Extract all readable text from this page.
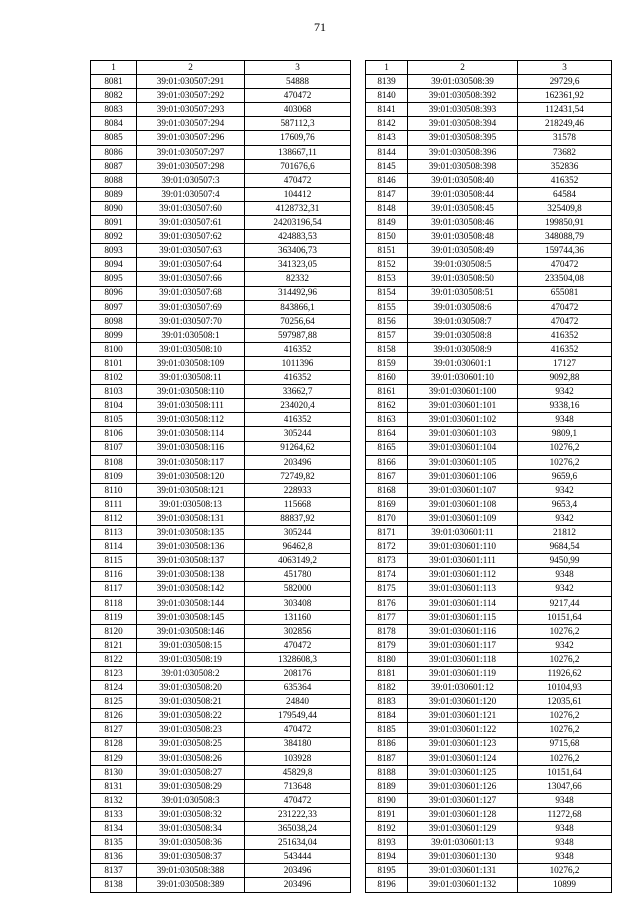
71
1	2	3
8081	39:01:030507:291	54888
8082	39:01:030507:292	470472
8083	39:01:030507:293	403068
8084	39:01:030507:294	587112,3
8085	39:01:030507:296	17609,76
8086	39:01:030507:297	138667,11
8087	39:01:030507:298	701676,6
8088	39:01:030507:3	470472
8089	39:01:030507:4	104412
8090	39:01:030507:60	4128732,31
8091	39:01:030507:61	24203196,54
8092	39:01:030507:62	424883,53
8093	39:01:030507:63	363406,73
8094	39:01:030507:64	341323,05
8095	39:01:030507:66	82332
8096	39:01:030507:68	314492,96
8097	39:01:030507:69	843866,1
8098	39:01:030507:70	70256,64
8099	39:01:030508:1	597987,88
8100	39:01:030508:10	416352
8101	39:01:030508:109	1011396
8102	39:01:030508:11	416352
8103	39:01:030508:110	33662,7
8104	39:01:030508:111	234020,4
8105	39:01:030508:112	416352
8106	39:01:030508:114	305244
8107	39:01:030508:116	91264,62
8108	39:01:030508:117	203496
8109	39:01:030508:120	72749,82
8110	39:01:030508:121	228933
8111	39:01:030508:13	115668
8112	39:01:030508:131	88837,92
8113	39:01:030508:135	305244
8114	39:01:030508:136	96462,8
8115	39:01:030508:137	4063149,2
8116	39:01:030508:138	451780
8117	39:01:030508:142	582000
8118	39:01:030508:144	303408
8119	39:01:030508:145	131160
8120	39:01:030508:146	302856
8121	39:01:030508:15	470472
8122	39:01:030508:19	1328608,3
8123	39:01:030508:2	208176
8124	39:01:030508:20	635364
8125	39:01:030508:21	24840
8126	39:01:030508:22	179549,44
8127	39:01:030508:23	470472
8128	39:01:030508:25	384180
8129	39:01:030508:26	103928
8130	39:01:030508:27	45829,8
8131	39:01:030508:29	713648
8132	39:01:030508:3	470472
8133	39:01:030508:32	231222,33
8134	39:01:030508:34	365038,24
8135	39:01:030508:36	251634,04
8136	39:01:030508:37	543444
8137	39:01:030508:388	203496
8138	39:01:030508:389	203496
1	2	3
8139	39:01:030508:39	29729,6
8140	39:01:030508:392	162361,92
8141	39:01:030508:393	112431,54
8142	39:01:030508:394	218249,46
8143	39:01:030508:395	31578
8144	39:01:030508:396	73682
8145	39:01:030508:398	352836
8146	39:01:030508:40	416352
8147	39:01:030508:44	64584
8148	39:01:030508:45	325409,8
8149	39:01:030508:46	199850,91
8150	39:01:030508:48	348088,79
8151	39:01:030508:49	159744,36
8152	39:01:030508:5	470472
8153	39:01:030508:50	233504,08
8154	39:01:030508:51	655081
8155	39:01:030508:6	470472
8156	39:01:030508:7	470472
8157	39:01:030508:8	416352
8158	39:01:030508:9	416352
8159	39:01:030601:1	17127
8160	39:01:030601:10	9092,88
8161	39:01:030601:100	9342
8162	39:01:030601:101	9338,16
8163	39:01:030601:102	9348
8164	39:01:030601:103	9809,1
8165	39:01:030601:104	10276,2
8166	39:01:030601:105	10276,2
8167	39:01:030601:106	9659,6
8168	39:01:030601:107	9342
8169	39:01:030601:108	9653,4
8170	39:01:030601:109	9342
8171	39:01:030601:11	21812
8172	39:01:030601:110	9684,54
8173	39:01:030601:111	9450,99
8174	39:01:030601:112	9348
8175	39:01:030601:113	9342
8176	39:01:030601:114	9217,44
8177	39:01:030601:115	10151,64
8178	39:01:030601:116	10276,2
8179	39:01:030601:117	9342
8180	39:01:030601:118	10276,2
8181	39:01:030601:119	11926,62
8182	39:01:030601:12	10104,93
8183	39:01:030601:120	12035,61
8184	39:01:030601:121	10276,2
8185	39:01:030601:122	10276,2
8186	39:01:030601:123	9715,68
8187	39:01:030601:124	10276,2
8188	39:01:030601:125	10151,64
8189	39:01:030601:126	13047,66
8190	39:01:030601:127	9348
8191	39:01:030601:128	11272,68
8192	39:01:030601:129	9348
8193	39:01:030601:13	9348
8194	39:01:030601:130	9348
8195	39:01:030601:131	10276,2
8196	39:01:030601:132	10899
